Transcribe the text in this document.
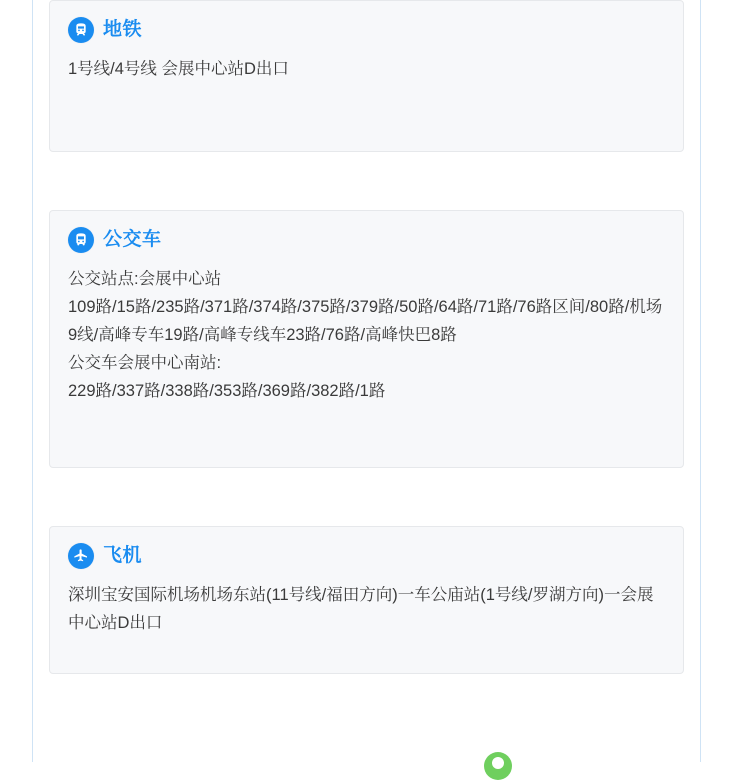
地铁

1号线/4号线 会展中心站D出口

公交车

公交站点:会展中心站

109路/15路/235路/371路/374路/375路/379路/50路/64路/71路/76路区间/80路/机场9线/高峰专车19路/高峰专线车23路/76路/高峰快巴8路

公交车会展中心南站:

229路/337路/338路/353路/369路/382路/1路

飞机

深圳宝安国际机场机场东站(11号线/福田方向)一车公庙站(1号线/罗湖方向)一会展中心站D出口
